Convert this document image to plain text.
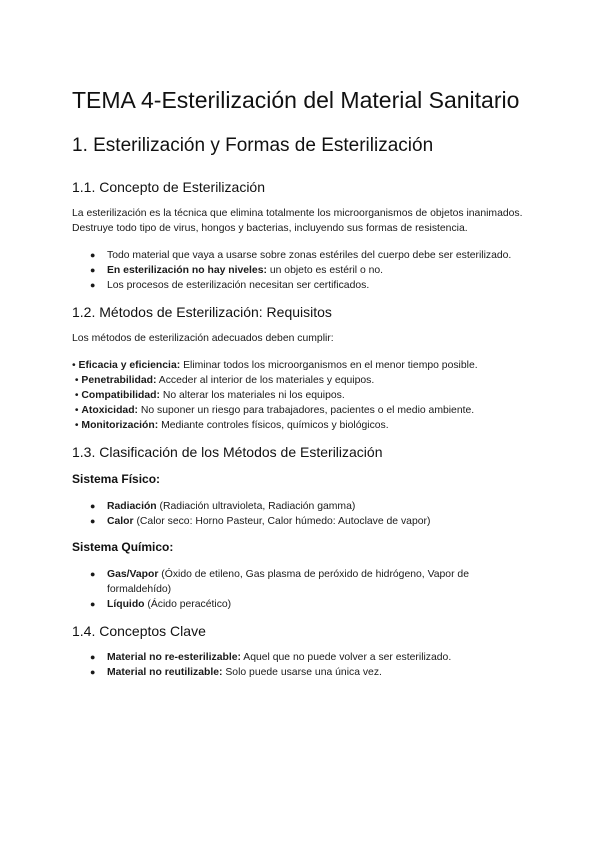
TEMA 4-Esterilización del Material Sanitario
1. Esterilización y Formas de Esterilización
1.1. Concepto de Esterilización

La esterilización es la técnica que elimina totalmente los microorganismos de objetos inanimados. Destruye todo tipo de virus, hongos y bacterias, incluyendo sus formas de resistencia.

● Todo material que vaya a usarse sobre zonas estériles del cuerpo debe ser esterilizado.
● En esterilización no hay niveles: un objeto es estéril o no.
● Los procesos de esterilización necesitan ser certificados.
1.2. Métodos de Esterilización: Requisitos

Los métodos de esterilización adecuados deben cumplir:

• Eficacia y eficiencia: Eliminar todos los microorganismos en el menor tiempo posible.
• Penetrabilidad: Acceder al interior de los materiales y equipos.
• Compatibilidad: No alterar los materiales ni los equipos.
• Atoxicidad: No suponer un riesgo para trabajadores, pacientes o el medio ambiente.
• Monitorización: Mediante controles físicos, químicos y biológicos.
1.3. Clasificación de los Métodos de Esterilización
Sistema Físico:
● Radiación (Radiación ultravioleta, Radiación gamma)
● Calor (Calor seco: Horno Pasteur, Calor húmedo: Autoclave de vapor)
Sistema Químico:
● Gas/Vapor (Óxido de etileno, Gas plasma de peróxido de hidrógeno, Vapor de formaldehído)
● Líquido (Ácido peracético)
1.4. Conceptos Clave
● Material no re-esterilizable: Aquel que no puede volver a ser esterilizado.
● Material no reutilizable: Solo puede usarse una única vez.
